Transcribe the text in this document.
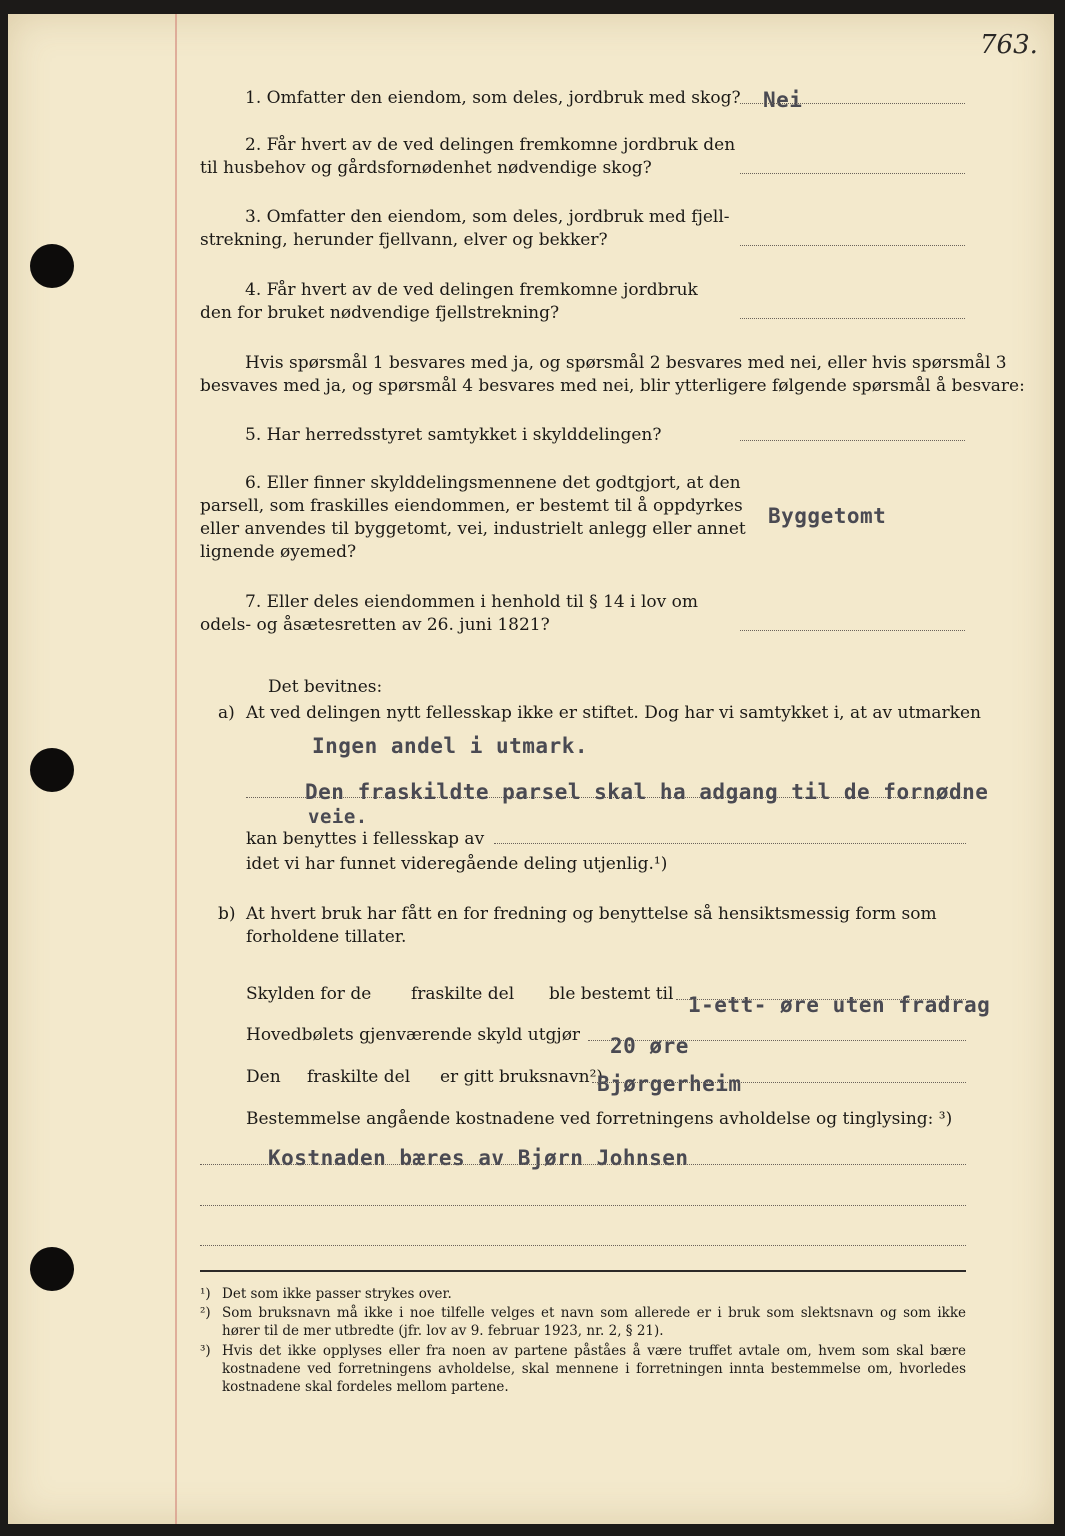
763.
1. Omfatter den eiendom, som deles, jordbruk med skog? Nei
2. Får hvert av de ved delingen fremkomne jordbruk den
til husbehov og gårdsfornødenhet nødvendige skog?
3. Omfatter den eiendom, som deles, jordbruk med fjell-
strekning, herunder fjellvann, elver og bekker?
4. Får hvert av de ved delingen fremkomne jordbruk
den for bruket nødvendige fjellstrekning?
Hvis spørsmål 1 besvares med ja, og spørsmål 2 besvares med nei, eller hvis spørsmål 3
besvaves med ja, og spørsmål 4 besvares med nei, blir ytterligere følgende spørsmål å besvare:
5. Har herredsstyret samtykket i skylddelingen?
6. Eller finner skylddelingsmennene det godtgjort, at den
parsell, som fraskilles eiendommen, er bestemt til å oppdyrkes
eller anvendes til byggetomt, vei, industrielt anlegg eller annet
lignende øyemed?
Byggetomt
7. Eller deles eiendommen i henhold til § 14 i lov om
odels- og åsætesretten av 26. juni 1821?
Det bevitnes:
a) At ved delingen nytt fellesskap ikke er stiftet. Dog har vi samtykket i, at av utmarken
Ingen andel i utmark.
Den fraskildte parsel skal ha adgang til de fornødne
veie.
kan benyttes i fellesskap av
idet vi har funnet videregående deling utjenlig.¹)
b) At hvert bruk har fått en for fredning og benyttelse så hensiktsmessig form som
forholdene tillater.
Skylden for de fraskilte del ble bestemt til 1-ett- øre uten fradrag
Hovedbølets gjenværende skyld utgjør 20 øre
Den fraskilte del er gitt bruksnavn²)
Bjørgerheim
Bestemmelse angående kostnadene ved forretningens avholdelse og tinglysing: ³)
Kostnaden bæres av Bjørn Johnsen
¹) Det som ikke passer strykes over.
²) Som bruksnavn må ikke i noe tilfelle velges et navn som allerede er i bruk som slektsnavn og som ikke hører til de mer utbredte (jfr. lov av 9. februar 1923, nr. 2, § 21).
³) Hvis det ikke opplyses eller fra noen av partene påståes å være truffet avtale om, hvem som skal bære kostnadene ved forretningens avholdelse, skal mennene i forretningen innta bestemmelse om, hvorledes kostnadene skal fordeles mellom partene.
